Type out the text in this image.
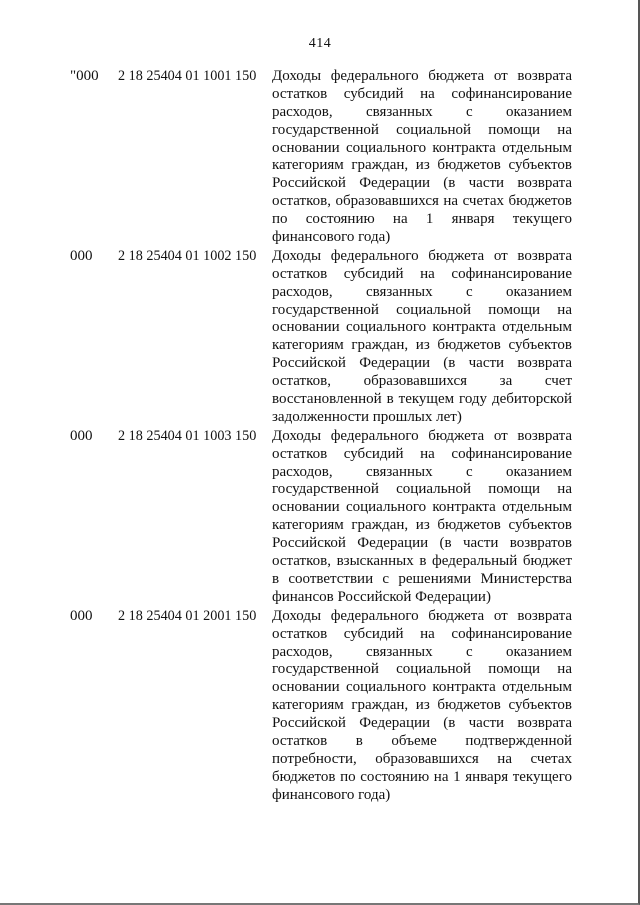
414
"000 2 18 25404 01 1001 150 Доходы федерального бюджета от возврата
остатков субсидий на софинансирование
расходов, связанных с оказанием
государственной социальной помощи на
основании социального контракта отдельным
категориям граждан, из бюджетов субъектов
Российской Федерации (в части возврата
остатков, образовавшихся на счетах бюджетов
по состоянию на 1 января текущего
финансового года)
000 2 18 25404 01 1002 150 Доходы федерального бюджета от возврата
остатков субсидий на софинансирование
расходов, связанных с оказанием
государственной социальной помощи на
основании социального контракта отдельным
категориям граждан, из бюджетов субъектов
Российской Федерации (в части возврата
остатков, образовавшихся за счет
восстановленной в текущем году дебиторской
задолженности прошлых лет)
000 2 18 25404 01 1003 150 Доходы федерального бюджета от возврата
остатков субсидий на софинансирование
расходов, связанных с оказанием
государственной социальной помощи на
основании социального контракта отдельным
категориям граждан, из бюджетов субъектов
Российской Федерации (в части возвратов
остатков, взысканных в федеральный бюджет
в соответствии с решениями Министерства
финансов Российской Федерации)
000 2 18 25404 01 2001 150 Доходы федерального бюджета от возврата
остатков субсидий на софинансирование
расходов, связанных с оказанием
государственной социальной помощи на
основании социального контракта отдельным
категориям граждан, из бюджетов субъектов
Российской Федерации (в части возврата
остатков в объеме подтвержденной
потребности, образовавшихся на счетах
бюджетов по состоянию на 1 января текущего
финансового года)
